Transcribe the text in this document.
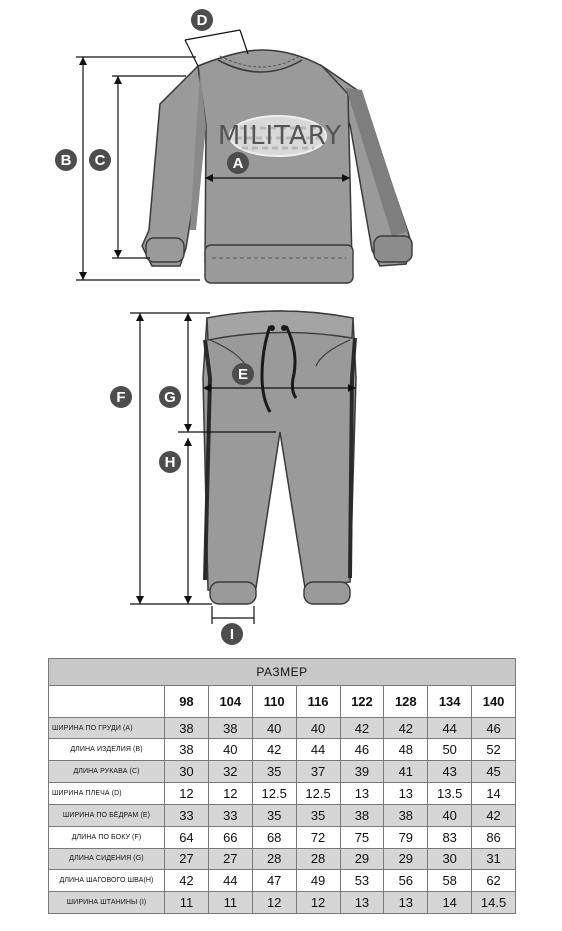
MILITARY
D
B C	A
F	G
E
H
I
РАЗМЕР								
	98	104	110	116	122	128	134	140
ШИРИНА ПО ГРУДИ (A)	38	38	40	40	42	42	44	46
ДЛИНА ИЗДЕЛИЯ (B)	38	40	42	44	46	48	50	52
ДЛИНА РУКАВА (C)	30	32	35	37	39	41	43	45
ШИРИНА ПЛЕЧА (D)	12	12	12.5	12.5	13	13	13.5	14
ШИРИНА ПО БЁДРАМ (E)	33	33	35	35	38	38	40	42
ДЛИНА ПО БОКУ (F)	64	66	68	72	75	79	83	86
ДЛИНА СИДЕНИЯ (G)	27	27	28	28	29	29	30	31
ДЛИНА ШАГОВОГО ШВА(H)	42	44	47	49	53	56	58	62
ШИРИНА ШТАНИНЫ (I)	11	11	12	12	13	13	14	14.5
